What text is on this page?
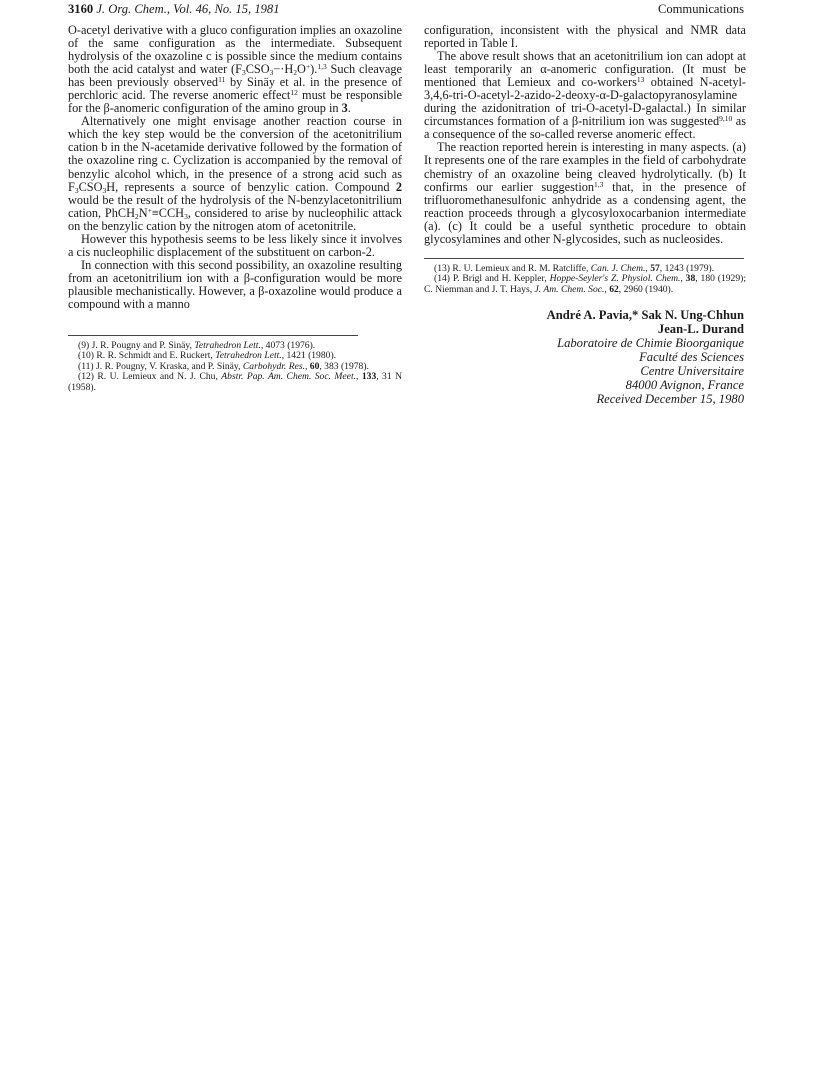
3160 J. Org. Chem., Vol. 46, No. 15, 1981	Communications

O-acetyl derivative with a gluco configuration implies an oxazoline of the same configuration as the intermediate. Subsequent hydrolysis of the oxazoline c is possible since the medium contains both the acid catalyst and water $(F_3CSO_3-\cdot H_2O^+).^{1,3}$ Such cleavage has been previously observed$^{11}$ by Sinäy et al. in the presence of perchloric acid. The reverse anomeric effect$^{12}$ must be responsible for the β-anomeric configuration of the amino group in 3.

Alternatively one might envisage another reaction course in which the key step would be the conversion of the acetonitrilium cation b in the N-acetamide derivative followed by the formation of the oxazoline ring c. Cyclization is accompanied by the removal of benzylic alcohol which, in the presence of a strong acid such as $F_3CSO_3H$, represents a source of benzylic cation. Compound 2 would be the result of the hydrolysis of the N-benzylacetonitrilium cation, $PhCH_2N^+\equiv CCH_3$, considered to arise by nucleophilic attack on the benzylic cation by the nitrogen atom of acetonitrile.

However this hypothesis seems to be less likely since it involves a cis nucleophilic displacement of the substituent on carbon-2.

In connection with this second possibility, an oxazoline resulting from an acetonitrilium ion with a β-configuration would be more plausible mechanistically. However, a β-oxazoline would produce a compound with a manno

(9) J. R. Pougny and P. Sinäy, Tetrahedron Lett., 4073 (1976).
(10) R. R. Schmidt and E. Ruckert, Tetrahedron Lett., 1421 (1980).
(11) J. R. Pougny, V. Kraska, and P. Sinäy, Carbohydr. Res., 60, 383 (1978).
(12) R. U. Lemieux and N. J. Chu, Abstr. Pap. Am. Chem. Soc. Meet., 133, 31 N (1958).

configuration, inconsistent with the physical and NMR data reported in Table I.

The above result shows that an acetonitrilium ion can adopt at least temporarily an α-anomeric configuration. (It must be mentioned that Lemieux and co-workers$^{13}$ obtained N-acetyl-3,4,6-tri-O-acetyl-2-azido-2-deoxy-α-D-galactopyranosylamine during the azidonitration of tri-O-acetyl-D-galactal.) In similar circumstances formation of a β-nitrilium ion was suggested$^{9,10}$ as a consequence of the so-called reverse anomeric effect.

The reaction reported herein is interesting in many aspects. (a) It represents one of the rare examples in the field of carbohydrate chemistry of an oxazoline being cleaved hydrolytically. (b) It confirms our earlier suggestion$^{1,3}$ that, in the presence of trifluoromethanesulfonic anhydride as a condensing agent, the reaction proceeds through a glycosyloxocarbanion intermediate (a). (c) It could be a useful synthetic procedure to obtain glycosylamines and other N-glycosides, such as nucleosides.

(13) R. U. Lemieux and R. M. Ratcliffe, Can. J. Chem., 57, 1243 (1979).
(14) P. Brigl and H. Keppler, Hoppe-Seyler's Z. Physiol. Chem., 38, 180 (1929); C. Niemman and J. T. Hays, J. Am. Chem. Soc., 62, 2960 (1940).
André A. Pavia,* Sak N. Ung-Chhun
Jean-L. Durand
Laboratoire de Chimie Bioorganique
Faculté des Sciences
Centre Universitaire
84000 Avignon, France
Received December 15, 1980
